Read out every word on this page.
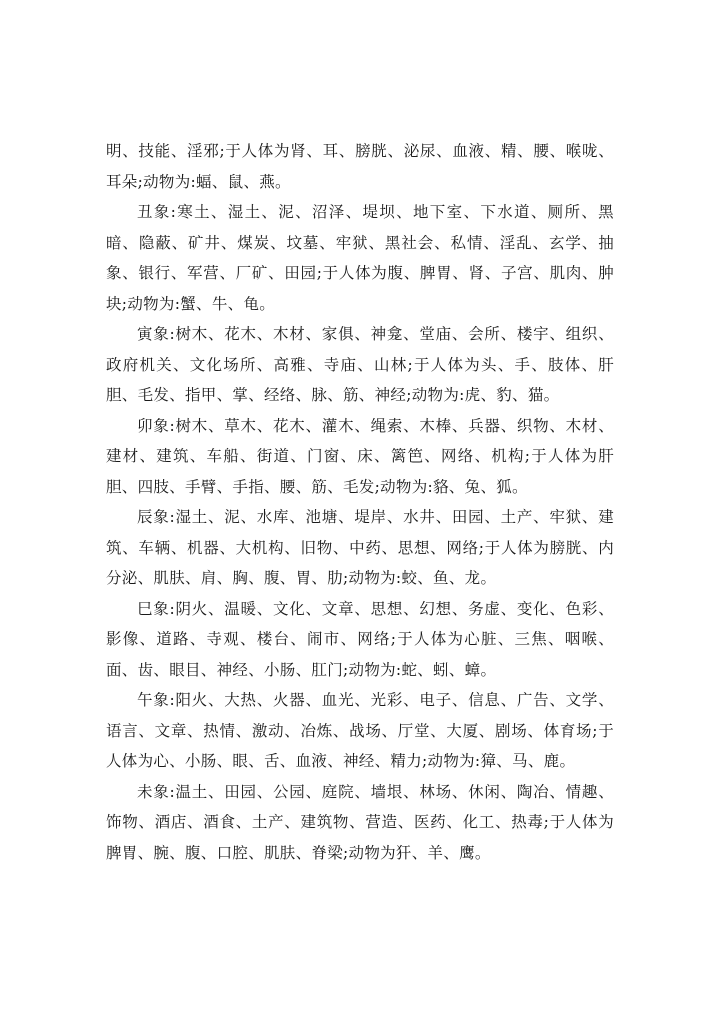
明、技能、淫邪;于人体为肾、耳、膀胱、泌尿、血液、精、腰、喉咙、耳朵;动物为:蝠、鼠、燕。

丑象:寒土、湿土、泥、沼泽、堤坝、地下室、下水道、厕所、黑暗、隐蔽、矿井、煤炭、坟墓、牢狱、黑社会、私情、淫乱、玄学、抽象、银行、军营、厂矿、田园;于人体为腹、脾胃、肾、子宫、肌肉、肿块;动物为:蟹、牛、龟。

寅象:树木、花木、木材、家俱、神龛、堂庙、会所、楼宇、组织、政府机关、文化场所、高雅、寺庙、山林;于人体为头、手、肢体、肝胆、毛发、指甲、掌、经络、脉、筋、神经;动物为:虎、豹、猫。

卯象:树木、草木、花木、灌木、绳索、木棒、兵器、织物、木材、建材、建筑、车船、街道、门窗、床、篱笆、网络、机构;于人体为肝胆、四肢、手臂、手指、腰、筋、毛发;动物为:貉、兔、狐。

辰象:湿土、泥、水库、池塘、堤岸、水井、田园、土产、牢狱、建筑、车辆、机器、大机构、旧物、中药、思想、网络;于人体为膀胱、内分泌、肌肤、肩、胸、腹、胃、肋;动物为:蛟、鱼、龙。

巳象:阴火、温暖、文化、文章、思想、幻想、务虚、变化、色彩、影像、道路、寺观、楼台、闹市、网络;于人体为心脏、三焦、咽喉、面、齿、眼目、神经、小肠、肛门;动物为:蛇、蚓、蟑。

午象:阳火、大热、火器、血光、光彩、电子、信息、广告、文学、语言、文章、热情、激动、冶炼、战场、厅堂、大厦、剧场、体育场;于人体为心、小肠、眼、舌、血液、神经、精力;动物为:獐、马、鹿。

未象:温土、田园、公园、庭院、墙垠、林场、休闲、陶冶、情趣、饰物、酒店、酒食、土产、建筑物、营造、医药、化工、热毒;于人体为脾胃、腕、腹、口腔、肌肤、脊梁;动物为犴、羊、鹰。
